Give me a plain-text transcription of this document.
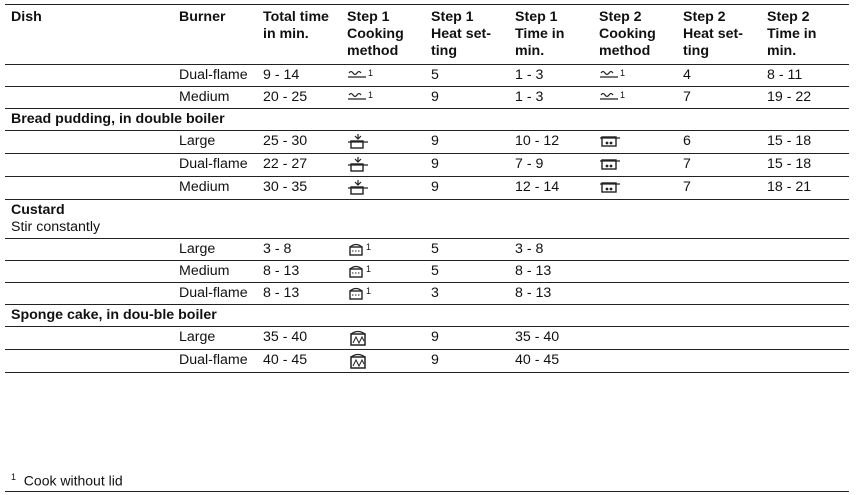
Dish	Burner	Total time in min.	Step 1 Cooking method	Step 1 Heat set-ting	Step 1 Time in min.	Step 2 Cooking method	Step 2 Heat set-ting	Step 2 Time in min.
	Dual-flame	9 - 14	$^1$	5	1 - 3	$^1$	4	8 - 11
	Medium	20 - 25	$^1$	9	1 - 3	$^1$	7	19 - 22
Bread pudding, in double boiler								
	Large	25 - 30		9	10 - 12		6	15 - 18
	Dual-flame	22 - 27		9	7 - 9		7	15 - 18
	Medium	30 - 35		9	12 - 14		7	18 - 21
Custard
Stir constantly								

	Large	3 - 8	$^1$	5	3 - 8			
	Medium	8 - 13	$^1$	5	8 - 13			
	Dual-flame	8 - 13	$^1$	3	8 - 13			
Sponge cake, in dou-ble boiler								
	Large	35 - 40		9	35 - 40			
	Dual-flame	40 - 45		9	40 - 45			
$^1$ Cook without lid
